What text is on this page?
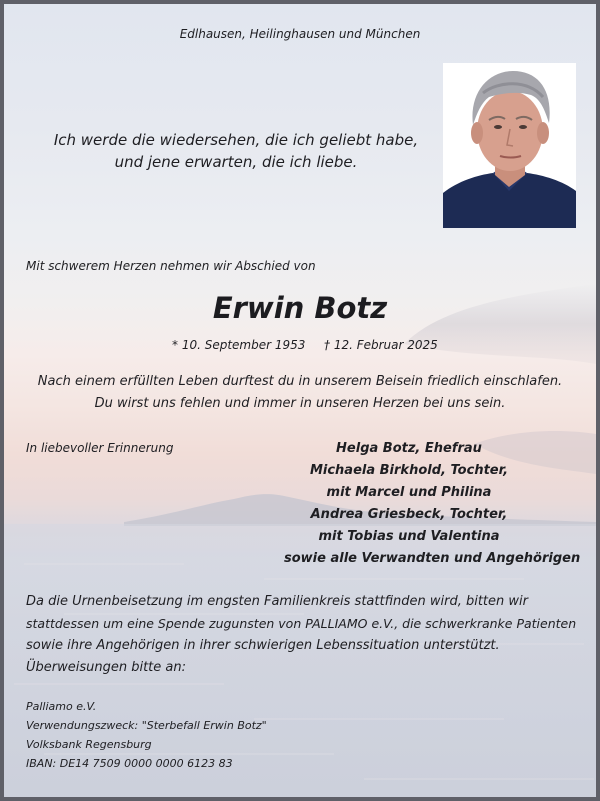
Edlhausen, Heilinghausen und München
Ich werde die wiedersehen, die ich geliebt habe,
und jene erwarten, die ich liebe.
Mit schwerem Herzen nehmen wir Abschied von
Erwin Botz
* 10. September 1953 † 12. Februar 2025
Nach einem erfüllten Leben durftest du in unserem Beisein friedlich einschlafen.
Du wirst uns fehlen und immer in unseren Herzen bei uns sein.
In liebevoller Erinnerung	Helga Botz, Ehefrau
Michaela Birkhold, Tochter,
mit Marcel und Philina
Andrea Griesbeck, Tochter,
mit Tobias und Valentina
sowie alle Verwandten und Angehörigen
Da die Urnenbeisetzung im engsten Familienkreis stattfinden wird, bitten wir
stattdessen um eine Spende zugunsten von PALLIAMO e.V., die schwerkranke Patienten
sowie ihre Angehörigen in ihrer schwierigen Lebenssituation unterstützt.
Überweisungen bitte an:
Palliamo e.V.
Verwendungszweck: "Sterbefall Erwin Botz"
Volksbank Regensburg
IBAN: DE14 7509 0000 0000 6123 83
